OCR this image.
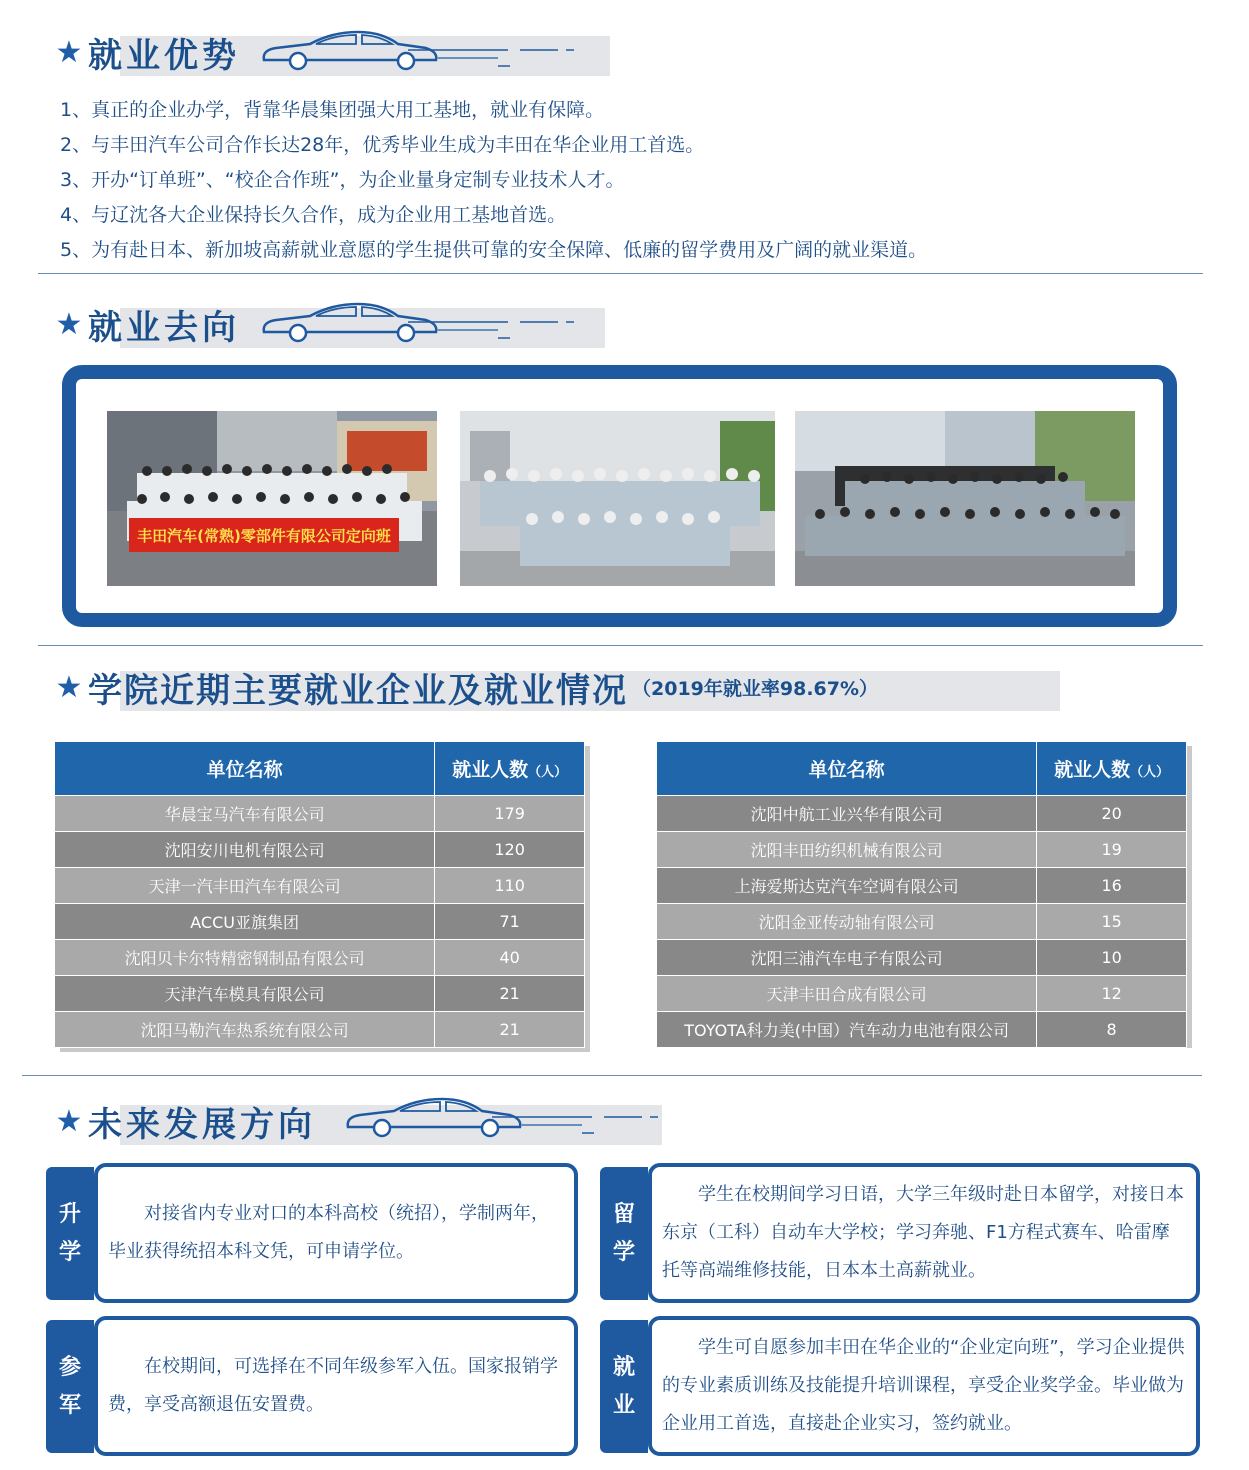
★ 就业优势
1、真正的企业办学，背靠华晨集团强大用工基地，就业有保障。
2、与丰田汽车公司合作长达28年，优秀毕业生成为丰田在华企业用工首选。
3、开办“订单班”、“校企合作班”，为企业量身定制专业技术人才。
4、与辽沈各大企业保持长久合作，成为企业用工基地首选。
5、为有赴日本、新加坡高薪就业意愿的学生提供可靠的安全保障、低廉的留学费用及广阔的就业渠道。
★ 就业去向
丰田汽车(常熟)零部件有限公司定向班
★ 学院近期主要就业企业及就业情况 （2019年就业率98.67%）
单位名称	就业人数（人）
华晨宝马汽车有限公司	179
沈阳安川电机有限公司	120
天津一汽丰田汽车有限公司	110
ACCU亚旗集团	71
沈阳贝卡尔特精密钢制品有限公司	40
天津汽车模具有限公司	21
沈阳马勒汽车热系统有限公司	21
单位名称	就业人数（人）
沈阳中航工业兴华有限公司	20
沈阳丰田纺织机械有限公司	19
上海爱斯达克汽车空调有限公司	16
沈阳金亚传动轴有限公司	15
沈阳三浦汽车电子有限公司	10
天津丰田合成有限公司	12
TOYOTA科力美(中国）汽车动力电池有限公司	8
★ 未来发展方向
升
学

对接省内专业对口的本科高校（统招），学制两年，毕业获得统招本科文凭，可申请学位。

留
学

学生在校期间学习日语，大学三年级时赴日本留学，对接日本东京（工科）自动车大学校；学习奔驰、F1方程式赛车、哈雷摩托等高端维修技能，日本本土高薪就业。

参
军

在校期间，可选择在不同年级参军入伍。国家报销学费，享受高额退伍安置费。

就
业

学生可自愿参加丰田在华企业的“企业定向班”，学习企业提供的专业素质训练及技能提升培训课程，享受企业奖学金。毕业做为企业用工首选，直接赴企业实习，签约就业。
